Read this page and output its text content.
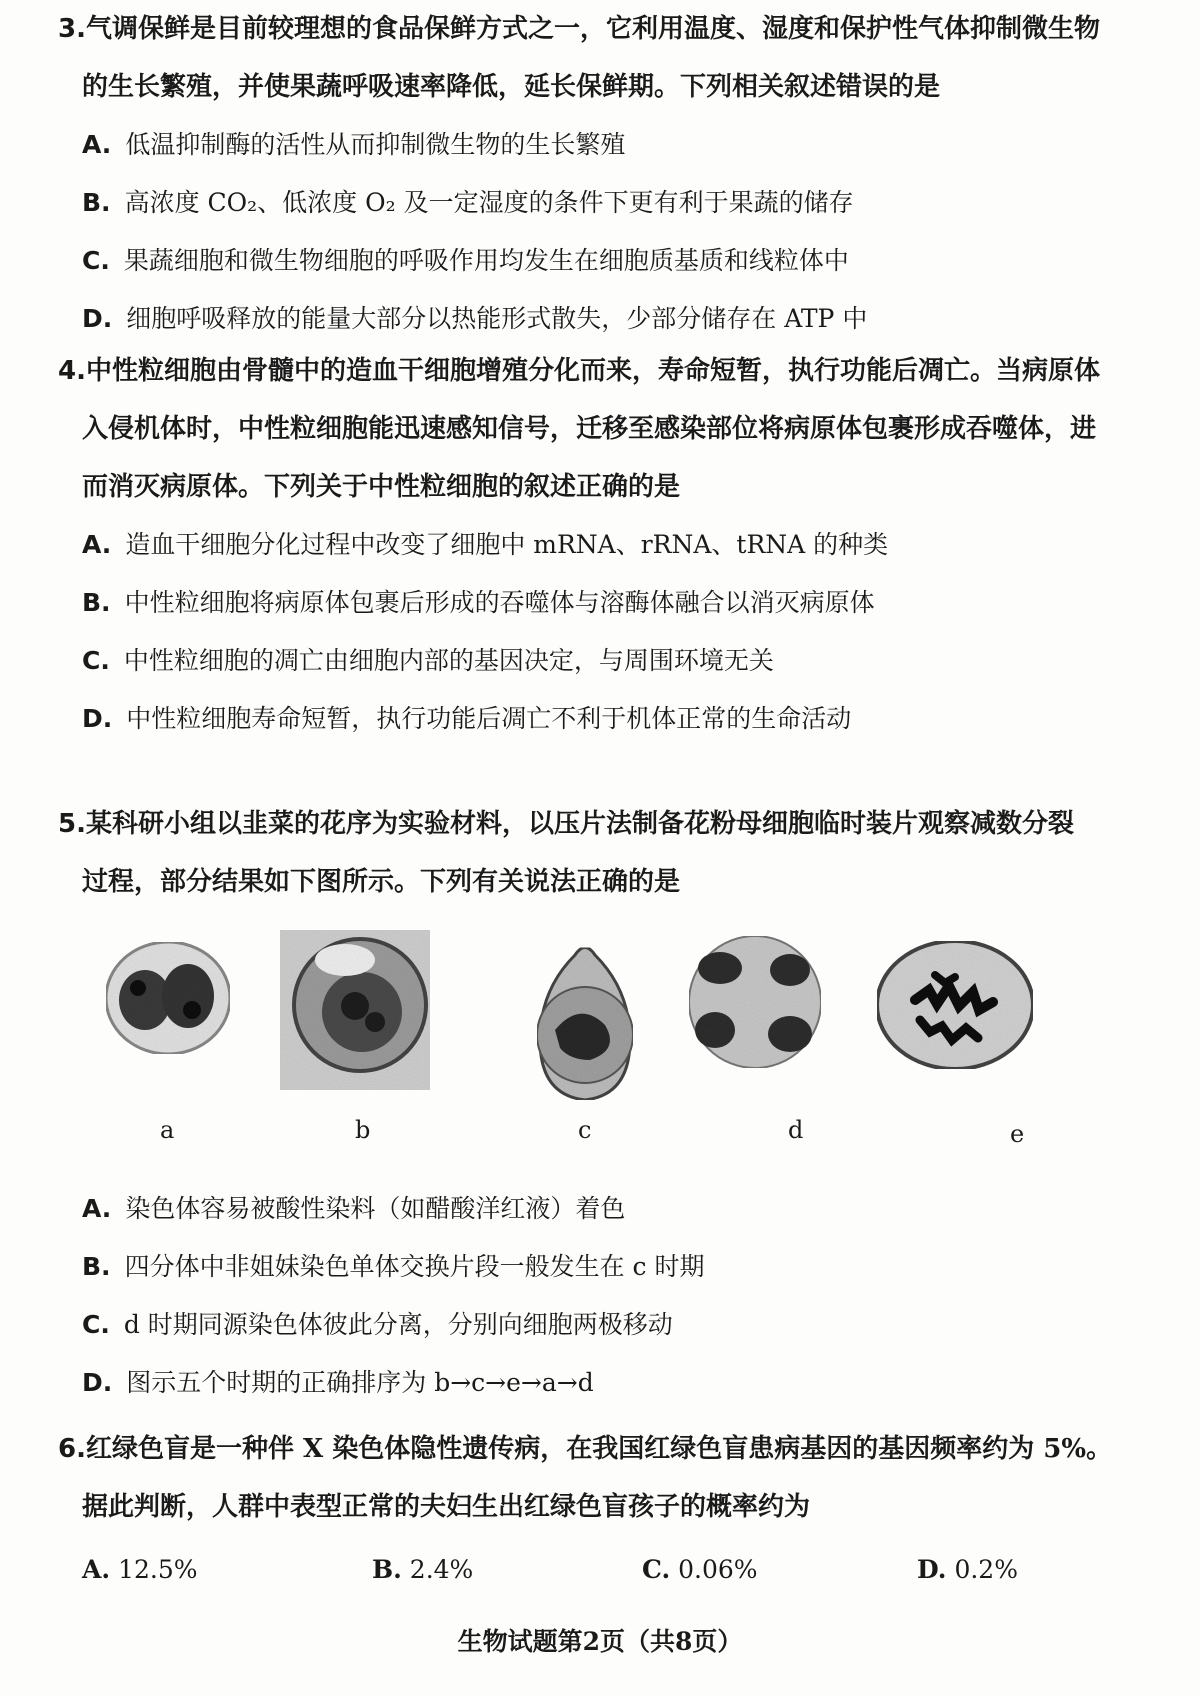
3.气调保鲜是目前较理想的食品保鲜方式之一，它利用温度、湿度和保护性气体抑制微生物
的生长繁殖，并使果蔬呼吸速率降低，延长保鲜期。下列相关叙述错误的是

A. 低温抑制酶的活性从而抑制微生物的生长繁殖

B. 高浓度 CO₂、低浓度 O₂ 及一定湿度的条件下更有利于果蔬的储存

C. 果蔬细胞和微生物细胞的呼吸作用均发生在细胞质基质和线粒体中

D. 细胞呼吸释放的能量大部分以热能形式散失，少部分储存在 ATP 中

4.中性粒细胞由骨髓中的造血干细胞增殖分化而来，寿命短暂，执行功能后凋亡。当病原体
入侵机体时，中性粒细胞能迅速感知信号，迁移至感染部位将病原体包裹形成吞噬体，进
而消灭病原体。下列关于中性粒细胞的叙述正确的是

A. 造血干细胞分化过程中改变了细胞中 mRNA、rRNA、tRNA 的种类

B. 中性粒细胞将病原体包裹后形成的吞噬体与溶酶体融合以消灭病原体

C. 中性粒细胞的凋亡由细胞内部的基因决定，与周围环境无关

D. 中性粒细胞寿命短暂，执行功能后凋亡不利于机体正常的生命活动

5.某科研小组以韭菜的花序为实验材料，以压片法制备花粉母细胞临时装片观察减数分裂
过程，部分结果如下图所示。下列有关说法正确的是

a	b	c	d	e

A. 染色体容易被酸性染料（如醋酸洋红液）着色

B. 四分体中非姐妹染色单体交换片段一般发生在 c 时期

C. d 时期同源染色体彼此分离，分别向细胞两极移动

D. 图示五个时期的正确排序为 b→c→e→a→d

6.红绿色盲是一种伴 X 染色体隐性遗传病，在我国红绿色盲患病基因的基因频率约为 5%。
据此判断，人群中表型正常的夫妇生出红绿色盲孩子的概率约为

A. 12.5%	B. 2.4%	C. 0.06%	D. 0.2%
生物试题第2页（共8页）
